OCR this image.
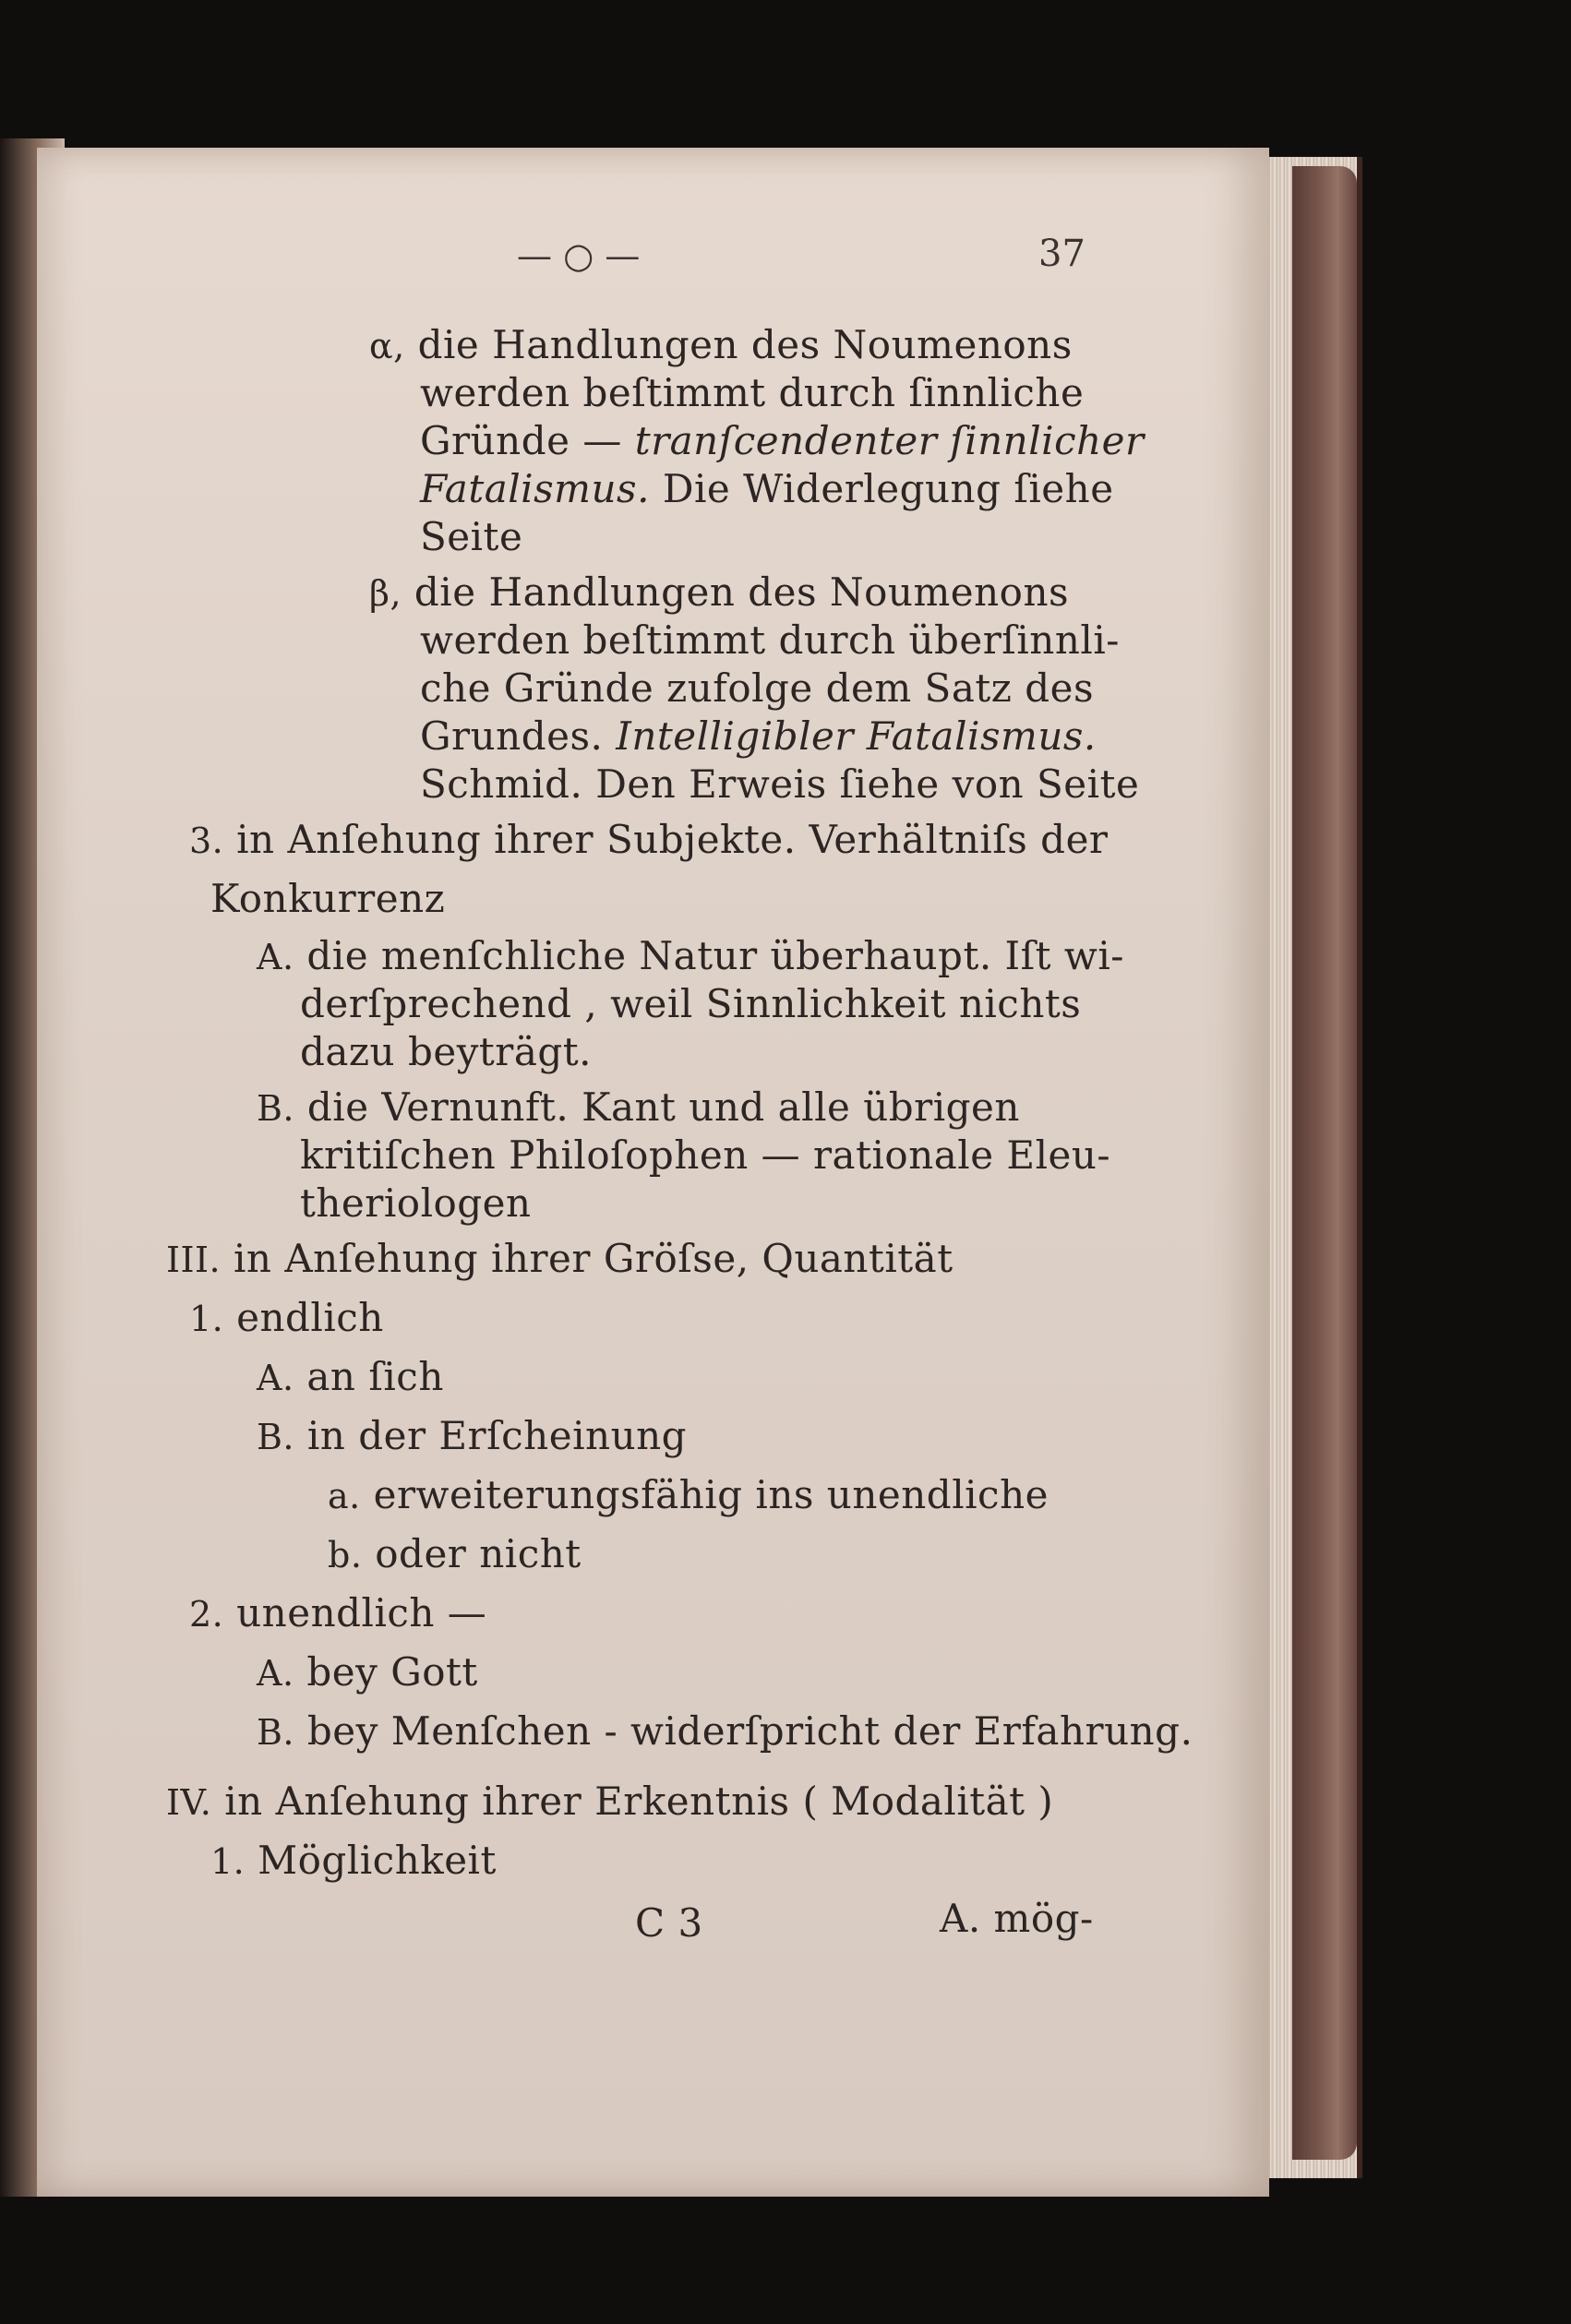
— ○ —	37
α, die Handlungen des Noumenons
werden beſtimmt durch ſinnliche
Gründe — tranſcendenter ſinnlicher
Fatalismus. Die Widerlegung ſiehe
Seite
β, die Handlungen des Noumenons
werden beſtimmt durch überſinnli-
che Gründe zufolge dem Satz des
Grundes. Intelligibler Fatalismus.
Schmid. Den Erweis ſiehe von Seite
3. in Anſehung ihrer Subjekte. Verhältniſs der
Konkurrenz
A. die menſchliche Natur überhaupt. Iſt wi-
derſprechend , weil Sinnlichkeit nichts
dazu beyträgt.
B. die Vernunft. Kant und alle übrigen
kritiſchen Philoſophen — rationale Eleu-
theriologen
III. in Anſehung ihrer Gröſse, Quantität
1. endlich
A. an ſich
B. in der Erſcheinung
a. erweiterungsfähig ins unendliche
b. oder nicht
2. unendlich —
A. bey Gott
B. bey Menſchen - widerſpricht der Erfahrung.
IV. in Anſehung ihrer Erkentnis ( Modalität )
1. Möglichkeit
C 3	A. mög-
